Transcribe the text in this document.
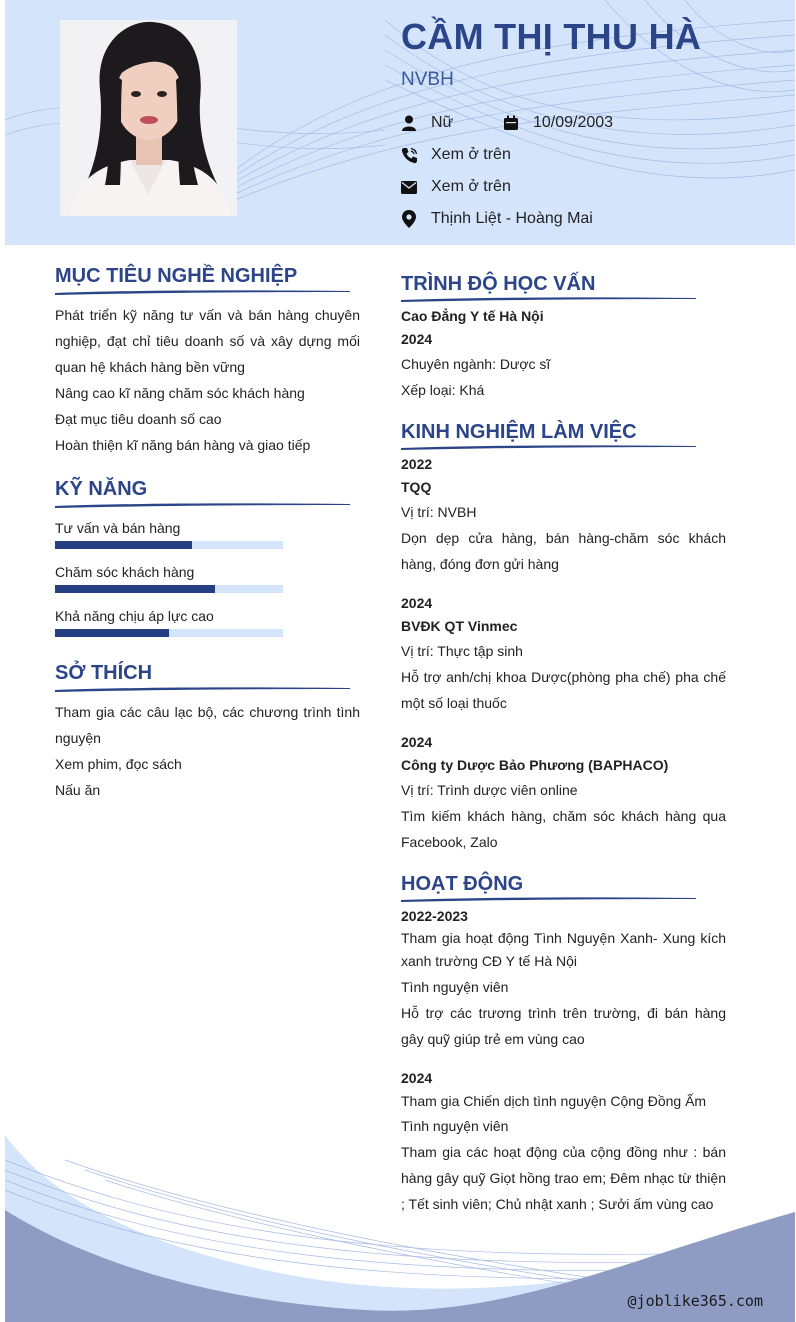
CẦM THỊ THU HÀ
NVBH
Nữ	10/09/2003
Xem ở trên
Xem ở trên
Thịnh Liệt - Hoàng Mai
MỤC TIÊU NGHỀ NGHIỆP
Phát triển kỹ năng tư vấn và bán hàng chuyên nghiệp, đạt chỉ tiêu doanh số và xây dựng mối quan hệ khách hàng bền vững
Nâng cao kĩ năng chăm sóc khách hàng
Đạt mục tiêu doanh số cao
Hoàn thiện kĩ năng bán hàng và giao tiếp
KỸ NĂNG
Tư vấn và bán hàng
Chăm sóc khách hàng
Khả năng chịu áp lực cao
SỞ THÍCH
Tham gia các câu lạc bộ, các chương trình tình nguyện
Xem phim, đọc sách
Nấu ăn
TRÌNH ĐỘ HỌC VẤN
Cao Đẳng Y tế Hà Nội
2024
Chuyên ngành: Dược sĩ
Xếp loại: Khá
KINH NGHIỆM LÀM VIỆC
2022
TQQ
Vị trí: NVBH
Dọn dẹp cửa hàng, bán hàng-chăm sóc khách hàng, đóng đơn gửi hàng
2024
BVĐK QT Vinmec
Vị trí: Thực tập sinh
Hỗ trợ anh/chị khoa Dược(phòng pha chế) pha chế một số loại thuốc
2024
Công ty Dược Bảo Phương (BAPHACO)
Vị trí: Trình dược viên online
Tìm kiếm khách hàng, chăm sóc khách hàng qua Facebook, Zalo
HOẠT ĐỘNG
2022-2023
Tham gia hoạt động Tình Nguyện Xanh- Xung kích xanh trường CĐ Y tế Hà Nội
Tình nguyện viên
Hỗ trợ các trương trình trên trường, đi bán hàng gây quỹ giúp trẻ em vùng cao
2024
Tham gia Chiến dịch tình nguyện Cộng Đồng Ấm
Tình nguyện viên
Tham gia các hoạt động của cộng đồng như : bán hàng gây quỹ Giọt hồng trao em; Đêm nhạc từ thiện ; Tết sinh viên; Chủ nhật xanh ; Sưởi ấm vùng cao
@joblike365.com
